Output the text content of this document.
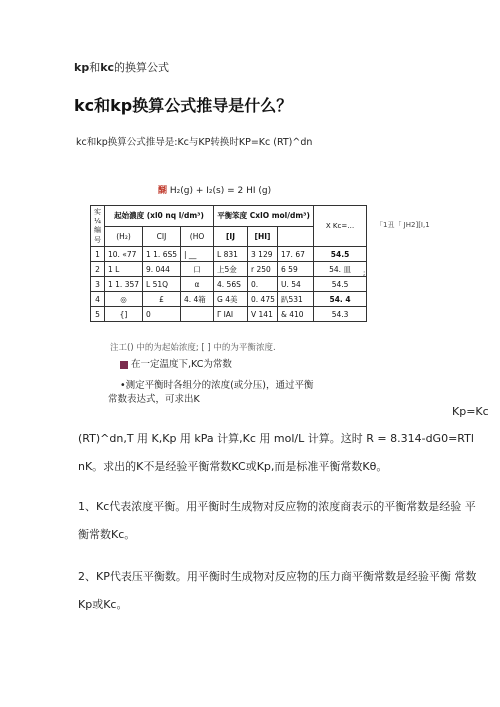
kp和kc的换算公式
kc和kp换算公式推导是什么？
kc和kp换算公式推导是:Kc与KP转换时KP=Kc (RT)^dn
醐 H₂(g) + I₂(s) = 2 HI (g)
实
¼
编
号	起始濃度 (xl0 nq l/dm³)			平衡笨度 CxlO mol/dm³)			X Kc=…
	(H₂)	CIJ	(HO	[IJ	[HI]		
1	10. «77	1 1. 6S5	| __	L 831	3 129	17. 67	54.5
2	1 L	9. 044	口	上5金	r 250	6 59	54. 皿
3	1 1. 357	L 51Q	α	4. 56S	0.	U. 54	54.5
4	◎	£	4. 4箱	G 4美	0. 475	趴531	54. 4
5	{]	0		Γ IAI	V 141	& 410	54.3
「1丑「 JH2][I,1
;
注工() 中的为起始浓度; [ ] 中的为平衡浓度.
在一定温度下,KC为常数
•测定平衡时各组分的浓度(或分压)，通过平衡
常数表达式，可求出K
Kp=Kc
(RT)^dn,T 用 K,Kp 用 kPa 计算,Kc 用 mol/L 计算。这时 R = 8.314-dG0=RTl
nK。求出的K不是经验平衡常数KC或Kp,而是标准平衡常数Kθ。
1、Kc代表浓度平衡。用平衡时生成物对反应物的浓度商表示的平衡常数是经验 平
衡常数Kc。
2、KP代表压平衡数。用平衡时生成物对反应物的压力商平衡常数是经验平衡 常数
Kp或Kc。
